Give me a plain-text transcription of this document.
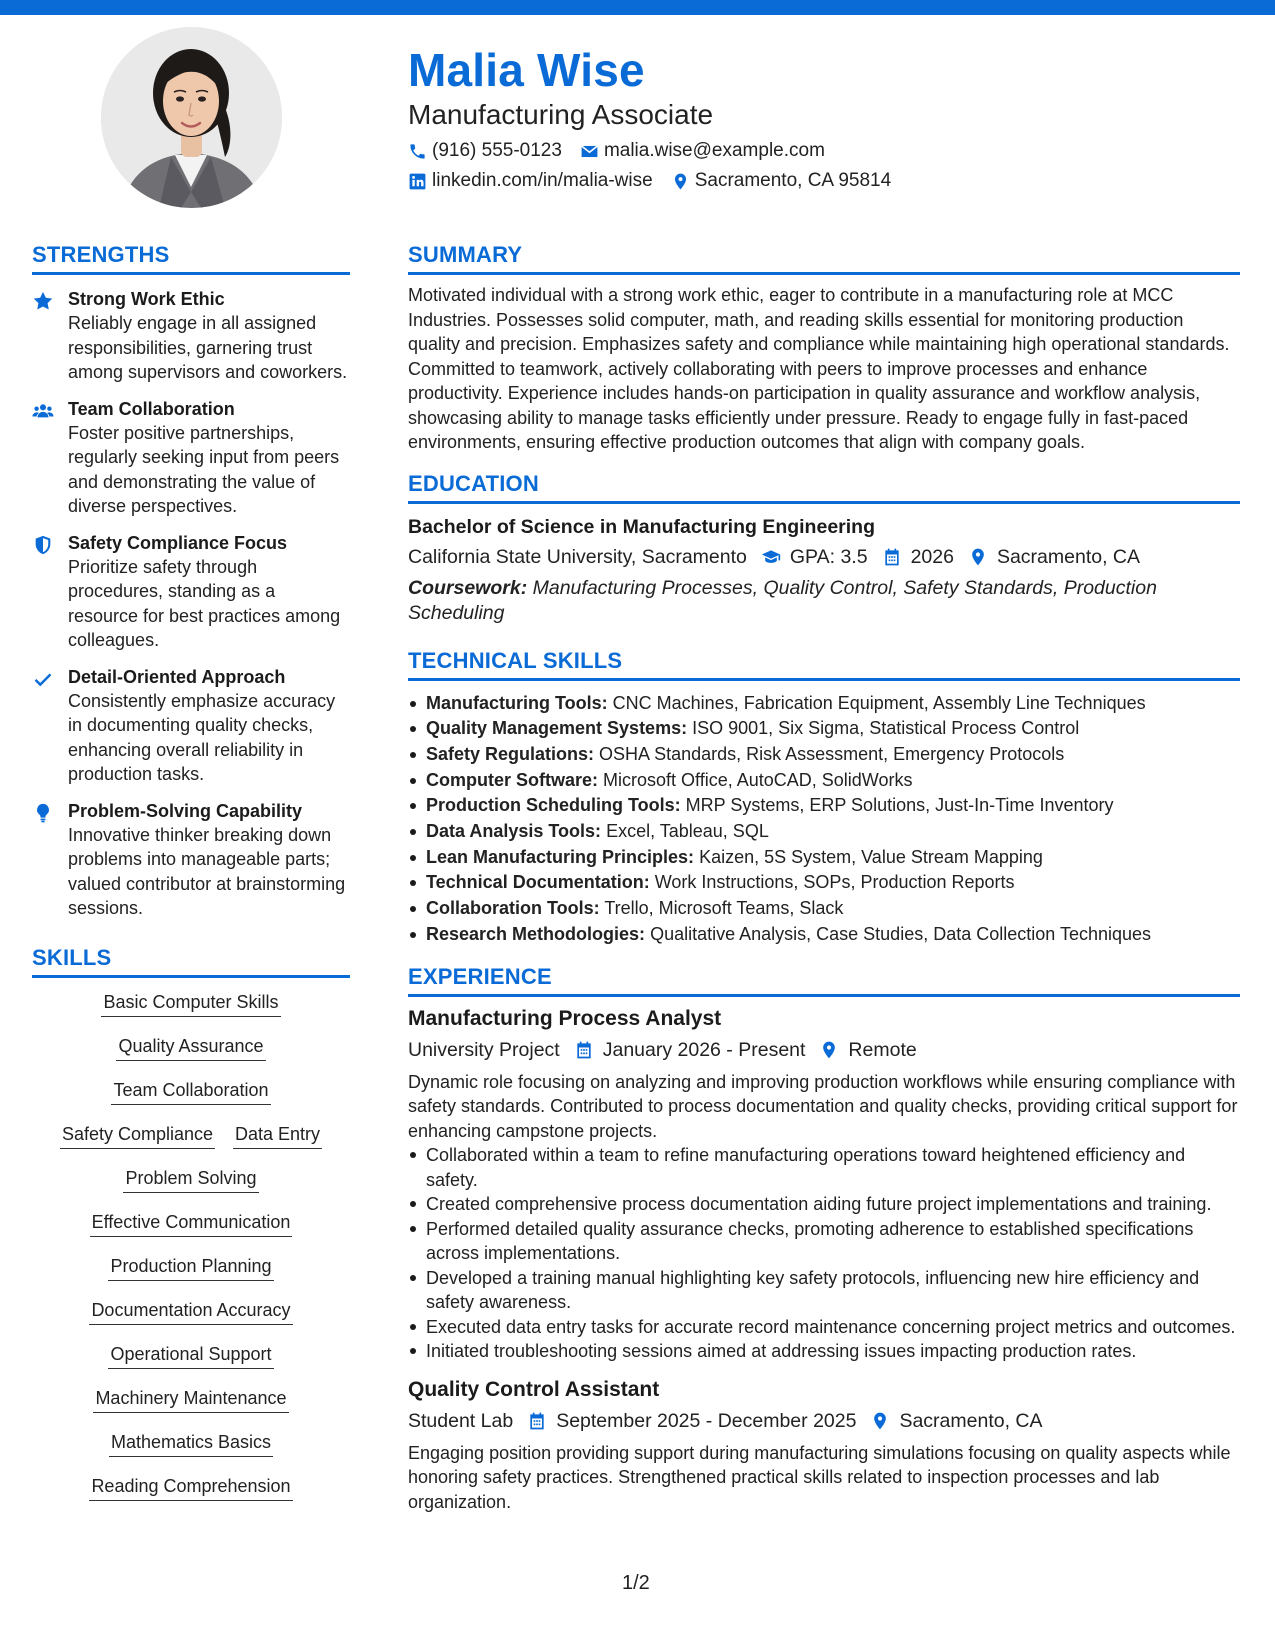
Malia Wise
Manufacturing Associate
(916) 555-0123 malia.wise@example.com
linkedin.com/in/malia-wise Sacramento, CA 95814
STRENGTHS
Strong Work Ethic
Reliably engage in all assigned responsibilities, garnering trust among supervisors and coworkers.
Team Collaboration
Foster positive partnerships, regularly seeking input from peers and demonstrating the value of diverse perspectives.
Safety Compliance Focus
Prioritize safety through procedures, standing as a resource for best practices among colleagues.
Detail-Oriented Approach
Consistently emphasize accuracy in documenting quality checks, enhancing overall reliability in production tasks.
Problem-Solving Capability
Innovative thinker breaking down problems into manageable parts; valued contributor at brainstorming sessions.
SKILLS
Basic Computer Skills
Quality Assurance
Team Collaboration
Safety Compliance Data Entry
Problem Solving
Effective Communication
Production Planning
Documentation Accuracy
Operational Support
Machinery Maintenance
Mathematics Basics
Reading Comprehension
SUMMARY
Motivated individual with a strong work ethic, eager to contribute in a manufacturing role at MCC Industries. Possesses solid computer, math, and reading skills essential for monitoring production quality and precision. Emphasizes safety and compliance while maintaining high operational standards. Committed to teamwork, actively collaborating with peers to improve processes and enhance productivity. Experience includes hands-on participation in quality assurance and workflow analysis, showcasing ability to manage tasks efficiently under pressure. Ready to engage fully in fast-paced environments, ensuring effective production outcomes that align with company goals.
EDUCATION
Bachelor of Science in Manufacturing Engineering
California State University, Sacramento GPA: 3.5 2026 Sacramento, CA
Coursework: Manufacturing Processes, Quality Control, Safety Standards, Production Scheduling
TECHNICAL SKILLS
Manufacturing Tools: CNC Machines, Fabrication Equipment, Assembly Line Techniques
Quality Management Systems: ISO 9001, Six Sigma, Statistical Process Control
Safety Regulations: OSHA Standards, Risk Assessment, Emergency Protocols
Computer Software: Microsoft Office, AutoCAD, SolidWorks
Production Scheduling Tools: MRP Systems, ERP Solutions, Just-In-Time Inventory
Data Analysis Tools: Excel, Tableau, SQL
Lean Manufacturing Principles: Kaizen, 5S System, Value Stream Mapping
Technical Documentation: Work Instructions, SOPs, Production Reports
Collaboration Tools: Trello, Microsoft Teams, Slack
Research Methodologies: Qualitative Analysis, Case Studies, Data Collection Techniques
EXPERIENCE
Manufacturing Process Analyst
University Project January 2026 - Present Remote
Dynamic role focusing on analyzing and improving production workflows while ensuring compliance with safety standards. Contributed to process documentation and quality checks, providing critical support for enhancing campstone projects.
Collaborated within a team to refine manufacturing operations toward heightened efficiency and safety.
Created comprehensive process documentation aiding future project implementations and training.
Performed detailed quality assurance checks, promoting adherence to established specifications across implementations.
Developed a training manual highlighting key safety protocols, influencing new hire efficiency and safety awareness.
Executed data entry tasks for accurate record maintenance concerning project metrics and outcomes.
Initiated troubleshooting sessions aimed at addressing issues impacting production rates.
Quality Control Assistant
Student Lab September 2025 - December 2025 Sacramento, CA
Engaging position providing support during manufacturing simulations focusing on quality aspects while honoring safety practices. Strengthened practical skills related to inspection processes and lab organization.
1/2
